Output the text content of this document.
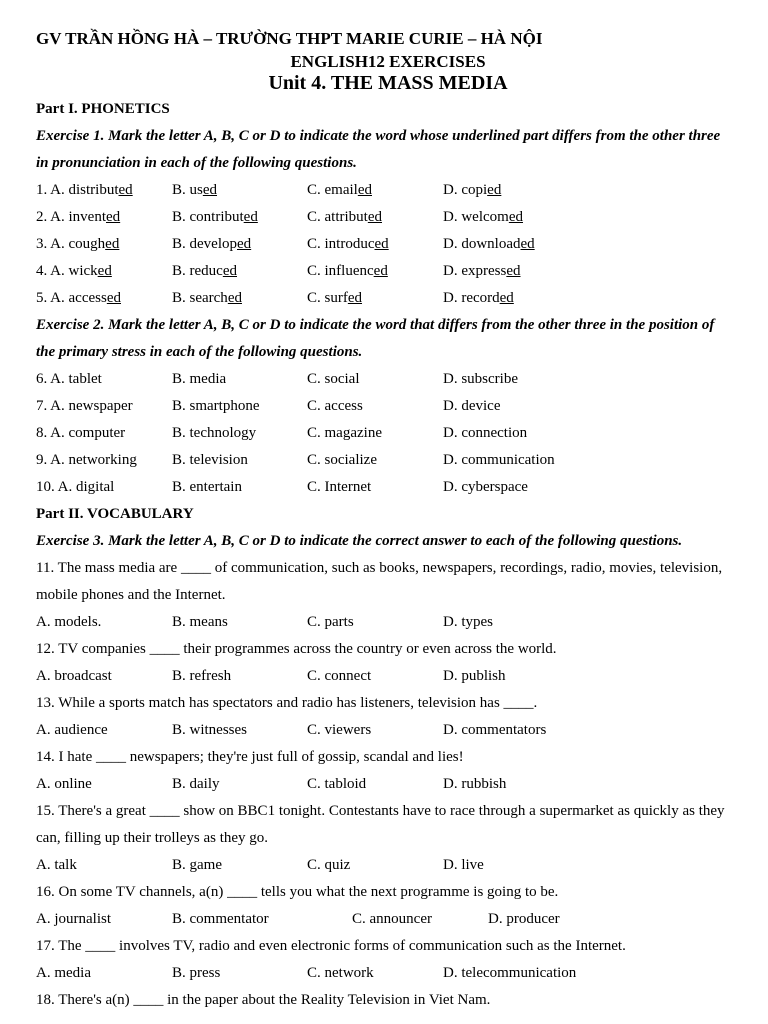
GV TRẦN HỒNG HÀ – TRƯỜNG THPT MARIE CURIE – HÀ NỘI
ENGLISH12 EXERCISES
Unit 4. THE MASS MEDIA
Part I. PHONETICS
Exercise 1. Mark the letter A, B, C or D to indicate the word whose underlined part differs from the other three
in pronunciation in each of the following questions.
1. A. distributed	B. used	C. emailed	D. copied
2. A. invented	B. contributed	C. attributed	D. welcomed
3. A. coughed	B. developed	C. introduced	D. downloaded
4. A. wicked	B. reduced	C. influenced	D. expressed
5. A. accessed	B. searched	C. surfed	D. recorded
Exercise 2. Mark the letter A, B, C or D to indicate the word that differs from the other three in the position of
the primary stress in each of the following questions.
6. A. tablet	B. media	C. social	D. subscribe
7. A. newspaper	B. smartphone	C. access	D. device
8. A. computer	B. technology	C. magazine	D. connection
9. A. networking B. television	C. socialize	D. communication
10. A. digital	B. entertain	C. Internet	D. cyberspace
Part II. VOCABULARY
Exercise 3. Mark the letter A, B, C or D to indicate the correct answer to each of the following questions.
11. The mass media are ____ of communication, such as books, newspapers, recordings, radio, movies, television,
mobile phones and the Internet.
A. models.	B. means	C. parts	D. types
12. TV companies ____ their programmes across the country or even across the world.
A. broadcast	B. refresh	C. connect	D. publish
13. While a sports match has spectators and radio has listeners, television has ____.
A. audience	B. witnesses	C. viewers	D. commentators
14. I hate ____ newspapers; they're just full of gossip, scandal and lies!
A. online	B. daily	C. tabloid	D. rubbish
15. There's a great ____ show on BBC1 tonight. Contestants have to race through a supermarket as quickly as they
can, filling up their trolleys as they go.
A. talk	B. game	C. quiz	D. live
16. On some TV channels, a(n) ____ tells you what the next programme is going to be.
A. journalist	B. commentator	C. announcer	D. producer
17. The ____ involves TV, radio and even electronic forms of communication such as the Internet.
A. media	B. press	C. network	D. telecommunication
18. There's a(n) ____ in the paper about the Reality Television in Viet Nam.
